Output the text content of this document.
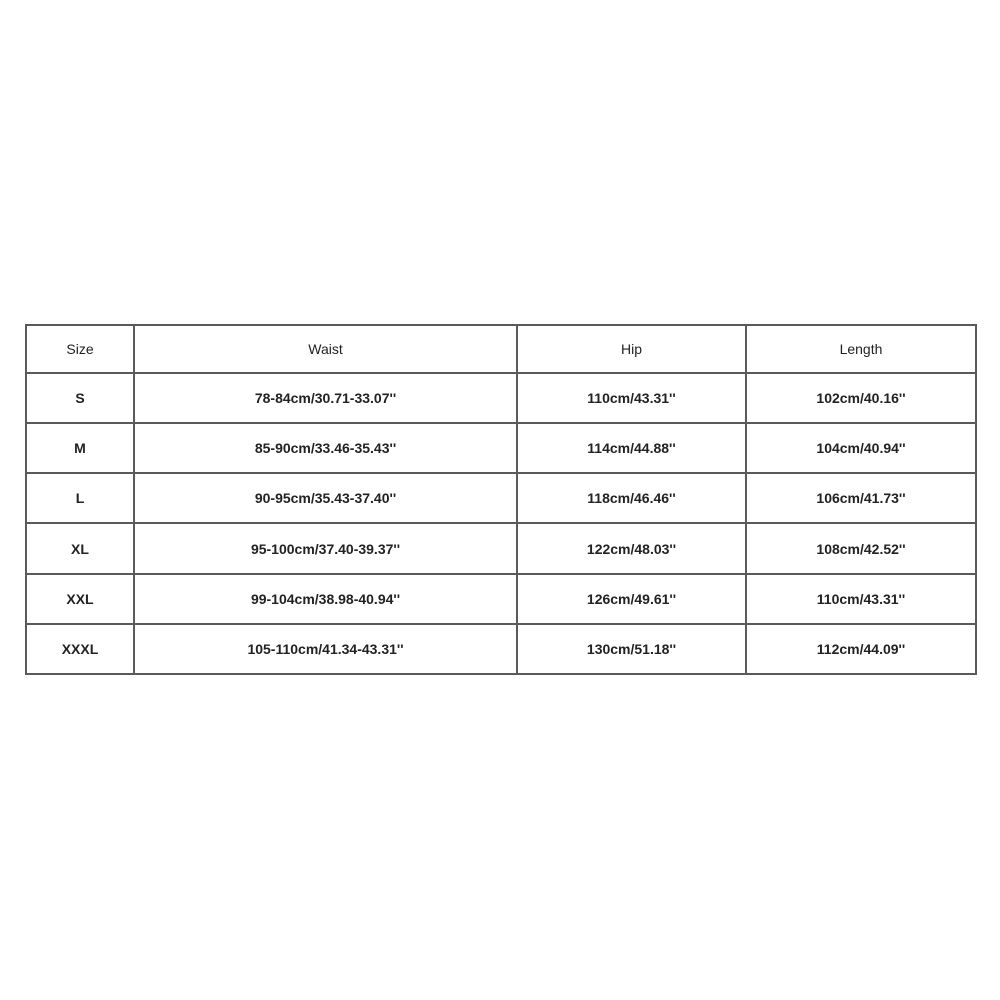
Size	Waist	Hip	Length
S	78-84cm/30.71-33.07''	110cm/43.31''	102cm/40.16''
M	85-90cm/33.46-35.43''	114cm/44.88''	104cm/40.94''
L	90-95cm/35.43-37.40''	118cm/46.46''	106cm/41.73''
XL	95-100cm/37.40-39.37''	122cm/48.03''	108cm/42.52''
XXL	99-104cm/38.98-40.94''	126cm/49.61''	110cm/43.31''
XXXL	105-110cm/41.34-43.31''	130cm/51.18''	112cm/44.09''
